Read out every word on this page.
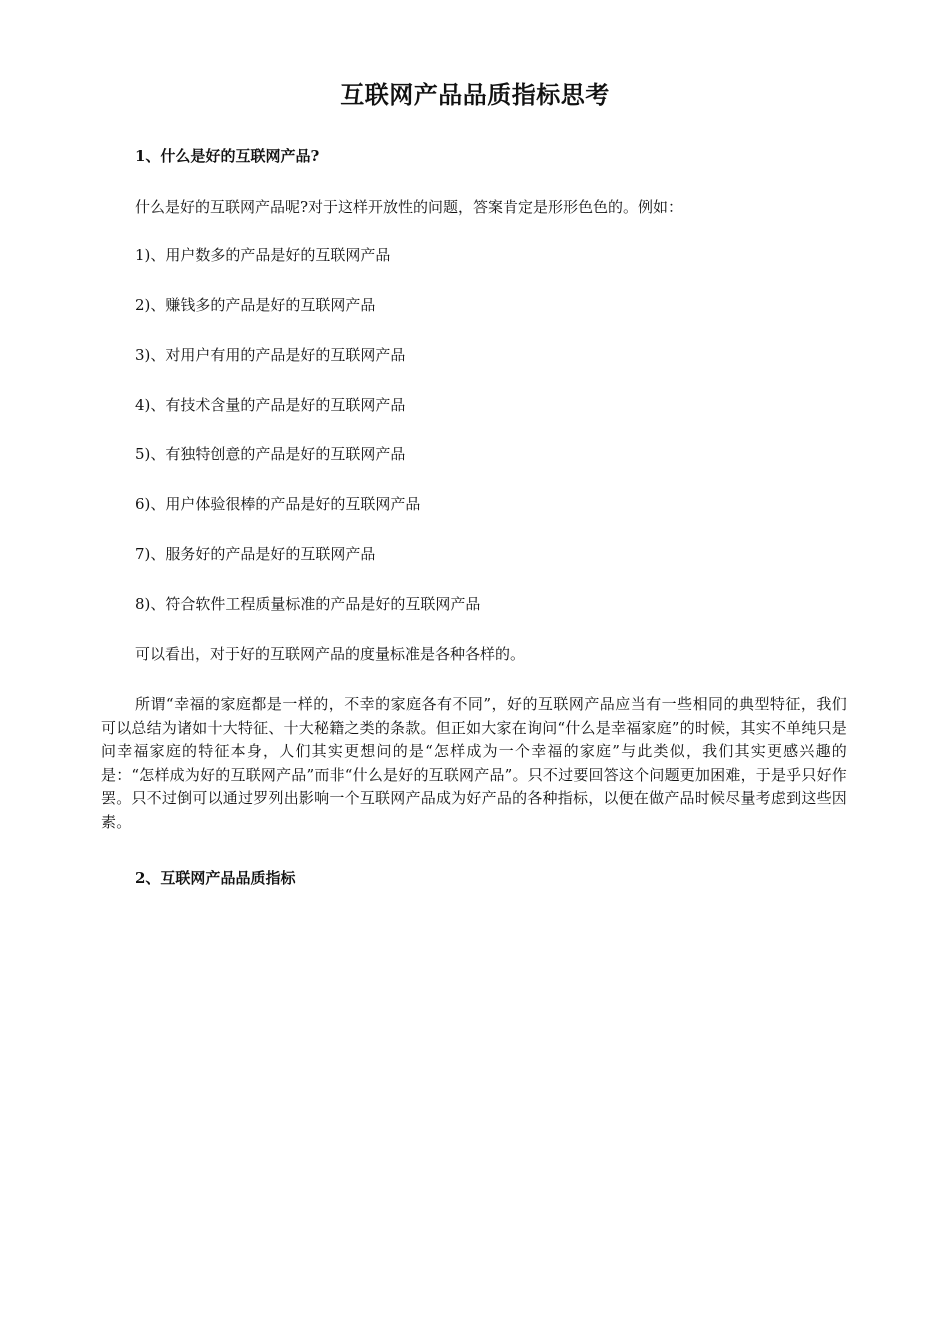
互联网产品品质指标思考
1、什么是好的互联网产品?
什么是好的互联网产品呢?对于这样开放性的问题，答案肯定是形形色色的。例如：
1)、用户数多的产品是好的互联网产品
2)、赚钱多的产品是好的互联网产品
3)、对用户有用的产品是好的互联网产品
4)、有技术含量的产品是好的互联网产品
5)、有独特创意的产品是好的互联网产品
6)、用户体验很棒的产品是好的互联网产品
7)、服务好的产品是好的互联网产品
8)、符合软件工程质量标准的产品是好的互联网产品
可以看出，对于好的互联网产品的度量标准是各种各样的。
所谓“幸福的家庭都是一样的，不幸的家庭各有不同”，好的互联网产品应当有一些相同的典型特征，我们可以总结为诸如十大特征、十大秘籍之类的条款。但正如大家在询问“什么是幸福家庭”的时候，其实不单纯只是问幸福家庭的特征本身，人们其实更想问的是“怎样成为一个幸福的家庭”与此类似，我们其实更感兴趣的是：“怎样成为好的互联网产品”而非“什么是好的互联网产品”。只不过要回答这个问题更加困难，于是乎只好作罢。只不过倒可以通过罗列出影响一个互联网产品成为好产品的各种指标，以便在做产品时候尽量考虑到这些因素。
2、互联网产品品质指标
